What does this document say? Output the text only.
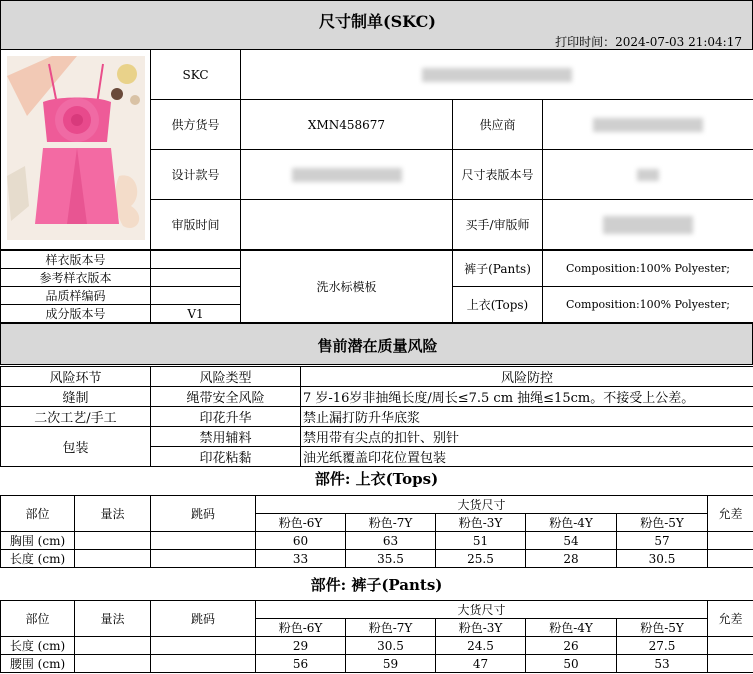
尺寸制单(SKC)
打印时间：2024-07-03 21:04:17
	SKC			
	供方货号	XMN458677	供应商	
	设计款号		尺寸表版本号	
	审版时间		买手/审版师	
样衣版本号		洗水标模板	裤子(Pants)	Composition:100% Polyester;
参考样衣版本				
品质样编码			上衣(Tops)	Composition:100% Polyester;
成分版本号	V1			
售前潜在质量风险
风险环节	风险类型	风险防控
缝制	绳带安全风险	7 岁-16岁非抽绳长度/周长≤7.5 cm 抽绳≤15cm。不接受上公差。
二次工艺/手工	印花升华	禁止漏打防升华底浆
包装	禁用辅料	禁用带有尖点的扣针、别针
	印花粘黏	油光纸覆盖印花位置包装
部件: 上衣(Tops)
部位	量法	跳码	大货尺寸					允差
			粉色-6Y	粉色-7Y	粉色-3Y	粉色-4Y	粉色-5Y	
胸围 (cm)			60	63	51	54	57	
长度 (cm)			33	35.5	25.5	28	30.5	
部件: 裤子(Pants)
部位	量法	跳码	大货尺寸					允差
			粉色-6Y	粉色-7Y	粉色-3Y	粉色-4Y	粉色-5Y	
长度 (cm)			29	30.5	24.5	26	27.5	
腰围 (cm)			56	59	47	50	53	
